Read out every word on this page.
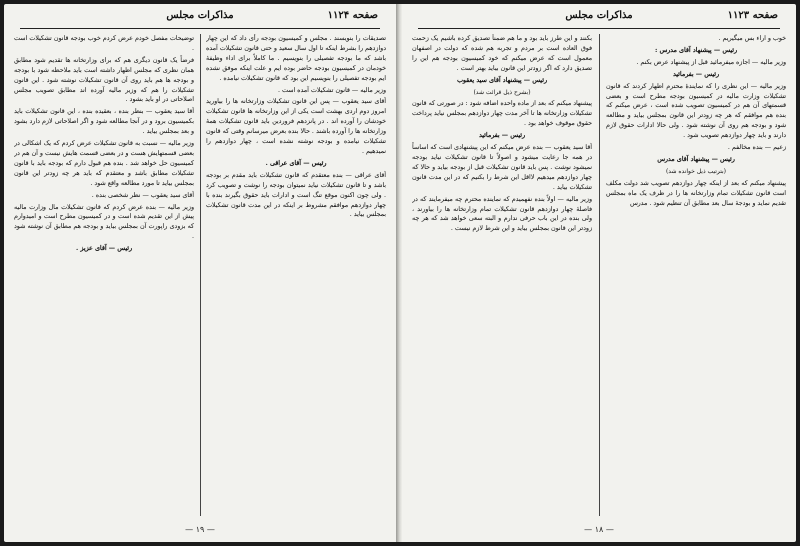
صفحه ۱۱۲۴
مذاکرات مجلس

تصدیقات را بنویسند . مجلس و کمیسیون بودجه رأی داد که این چهار دوازدهم را بشرط اینکه تا اول سال سعید و حتی قانون تشکیلات آمده باشد که ما بودجه تفصیلی را بنویسیم . ما کاملاً برای اداء وظیفهٔ خودمان در کمیسیون بودجه حاضر بوده ایم و علت اینکه موفق نشده ایم بودجه تفصیلی را بنویسیم این بود که قانون تشکیلات نیامده .

وزیر مالیه — قانون تشکیلات آمده است .

آقای سید یعقوب — پس این قانون تشکیلات وزارتخانه ها را بیاورید امروز دوم اردی بهشت است یکی از این وزارتخانه ها قانون تشکیلات خودشان را آورده اند . در پانزدهم فروردین باید قانون تشکیلات همهٔ وزارتخانه ها را آورده باشند . حالا بنده بعرض میرسانم وقتی که قانون تشکیلات نیامده و بودجه نوشته نشده است ، چهار دوازدهم را نمیدهیم .

رئیس — آقای عراقی .

آقای عراقی — بنده معتقدم که قانون تشکیلات باید مقدم بر بودجه باشد و تا قانون تشکیلات نیاید نمیتوان بودجه را نوشت و تصویب کرد . ولی چون اکنون موقع تنگ است و ادارات باید حقوق بگیرند بنده با چهار دوازدهم موافقم مشروط بر اینکه در این مدت قانون تشکیلات بمجلس بیاید .

توضیحات مفصل خودم عرض کردم خوب بودجه قانون تشکیلات است .

فرضاً یک قانون دیگری هم که برای وزارتخانه ها تقدیم شود مطابق همان نظری که مجلس اظهار داشته است باید ملاحظه شود با بودجه و بودجه ها هم باید روی آن قانون تشکیلات نوشته شود . این قانون تشکیلات را هم که وزیر مالیه آورده اند مطابق تصویب مجلس اصلاحاتی در او باید بشود .

آقا سید یعقوب — بنظر بنده ، بعقیده بنده ، این قانون تشکیلات باید بکمیسیون برود و در آنجا مطالعه شود و اگر اصلاحاتی لازم دارد بشود و بعد بمجلس بیاید .

وزیر مالیه — نسبت به قانون تشکیلات عرض کردم که یک اشکالی در بعضی قسمتهایش هست و در بعضی قسمت هایش نیست و آن هم در کمیسیون حل خواهد شد . بنده هم قبول دارم که بودجه باید با قانون تشکیلات مطابق باشد و معتقدم که باید هر چه زودتر این قانون بمجلس بیاید تا مورد مطالعه واقع شود .

آقای سید یعقوب — نظر شخصی بنده .

وزیر مالیه — بنده عرض کردم که قانون تشکیلات مال وزارت مالیه پیش از این تقدیم شده است و در کمیسیون مطرح است و امیدوارم که بزودی راپورت آن بمجلس بیاید و بودجه هم مطابق آن نوشته شود .

رئیس — آقای عزیز .

— ۱۹ —
صفحه ۱۱۲۳
مذاکرات مجلس

خوب و اراء بس میگیریم .

رئیس — پیشنهاد آقای مدرس :

وزیر مالیه — اجازه میفرمائید قبل از پیشنهاد عرض بکنم .

رئیس — بفرمائید

وزیر مالیه — این نظری را که نمایندهٔ محترم اظهار کردند که قانون تشکیلات وزارت مالیه در کمیسیون بودجه مطرح است و بعضی قسمتهای آن هم در کمیسیون تصویب شده است ، عرض میکنم که بنده هم موافقم که هر چه زودتر این قانون بمجلس بیاید و مطالعه شود و بودجه هم روی آن نوشته شود . ولی حالا ادارات حقوق لازم دارند و باید چهار دوازدهم تصویب شود .

زعیم — بنده مخالفم .

رئیس — پیشنهاد آقای مدرس

(بترتیب ذیل خوانده شد)

پیشنهاد میکنم که بعد از اینکه چهار دوازدهم تصویب شد دولت مکلف است قانون تشکیلات تمام وزارتخانه ها را در ظرف یک ماه بمجلس تقدیم نماید و بودجهٔ سال بعد مطابق آن تنظیم شود . مدرس

بکنند و این طرز باید بود و ما هم ضمناً تصدیق کرده باشیم یک زحمت فوق العاده است بر مردم و تجربه هم شده که دولت در اصفهان معمول است که عرض میکنم که خود کمیسیون بودجه هم این را تصدیق دارد که اگر زودتر این قانون بیاید بهتر است .

رئیس — پیشنهاد آقای سید یعقوب

(بشرح ذیل قرائت شد)

پیشنهاد میکنم که بعد از ماده واحده اضافه شود : در صورتی که قانون تشکیلات وزارتخانه ها تا آخر مدت چهار دوازدهم بمجلس نیاید پرداخت حقوق موقوف خواهد بود .

رئیس — بفرمائید

آقا سید یعقوب — بنده عرض میکنم که این پیشنهادی است که اساساً در همه جا رعایت میشود و اصولاً تا قانون تشکیلات نیاید بودجه نمیشود نوشت . پس باید قانون تشکیلات قبل از بودجه بیاید و حالا که چهار دوازدهم میدهیم لااقل این شرط را بکنیم که در این مدت قانون تشکیلات بیاید .

وزیر مالیه — اولاً بنده نفهمیدم که نماینده محترم چه میفرمایند که در فاصلهٔ چهار دوازدهم قانون تشکیلات تمام وزارتخانه ها را بیاورند ، ولی بنده در این باب حرفی ندارم و البته سعی خواهد شد که هر چه زودتر این قانون بمجلس بیاید و این شرط لازم نیست .

— ۱۸ —
